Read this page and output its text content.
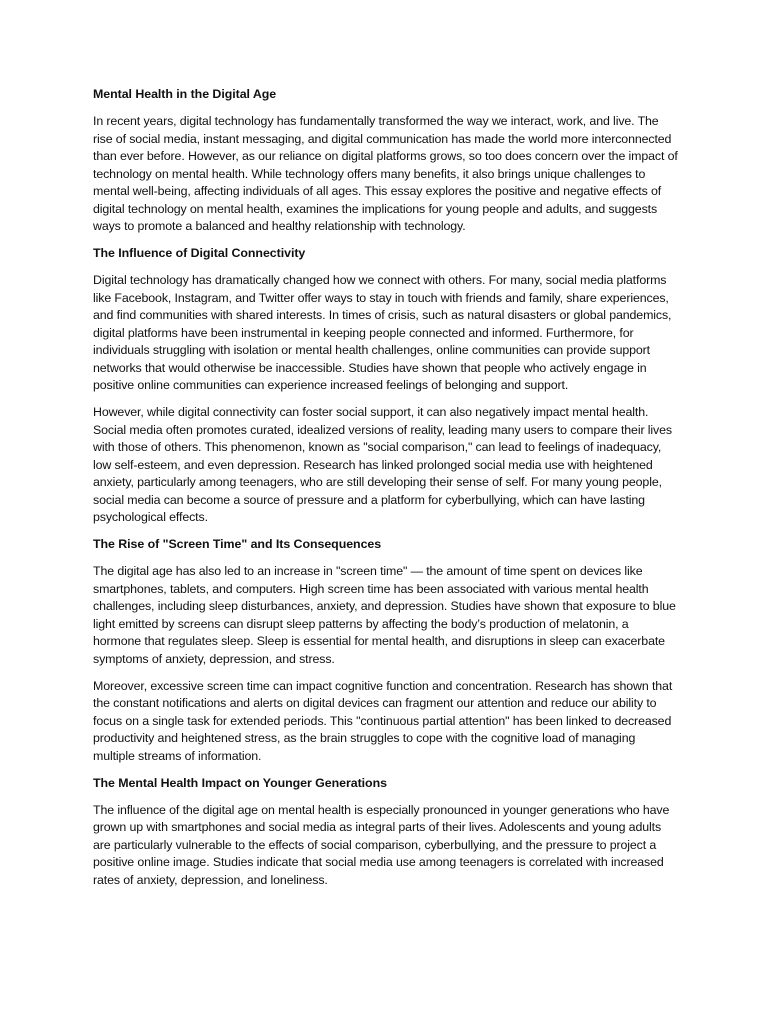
Mental Health in the Digital Age
In recent years, digital technology has fundamentally transformed the way we interact, work, and live. The rise of social media, instant messaging, and digital communication has made the world more interconnected than ever before. However, as our reliance on digital platforms grows, so too does concern over the impact of technology on mental health. While technology offers many benefits, it also brings unique challenges to mental well-being, affecting individuals of all ages. This essay explores the positive and negative effects of digital technology on mental health, examines the implications for young people and adults, and suggests ways to promote a balanced and healthy relationship with technology.
The Influence of Digital Connectivity
Digital technology has dramatically changed how we connect with others. For many, social media platforms like Facebook, Instagram, and Twitter offer ways to stay in touch with friends and family, share experiences, and find communities with shared interests. In times of crisis, such as natural disasters or global pandemics, digital platforms have been instrumental in keeping people connected and informed. Furthermore, for individuals struggling with isolation or mental health challenges, online communities can provide support networks that would otherwise be inaccessible. Studies have shown that people who actively engage in positive online communities can experience increased feelings of belonging and support.
However, while digital connectivity can foster social support, it can also negatively impact mental health. Social media often promotes curated, idealized versions of reality, leading many users to compare their lives with those of others. This phenomenon, known as "social comparison," can lead to feelings of inadequacy, low self-esteem, and even depression. Research has linked prolonged social media use with heightened anxiety, particularly among teenagers, who are still developing their sense of self. For many young people, social media can become a source of pressure and a platform for cyberbullying, which can have lasting psychological effects.
The Rise of "Screen Time" and Its Consequences
The digital age has also led to an increase in "screen time" — the amount of time spent on devices like smartphones, tablets, and computers. High screen time has been associated with various mental health challenges, including sleep disturbances, anxiety, and depression. Studies have shown that exposure to blue light emitted by screens can disrupt sleep patterns by affecting the body’s production of melatonin, a hormone that regulates sleep. Sleep is essential for mental health, and disruptions in sleep can exacerbate symptoms of anxiety, depression, and stress.
Moreover, excessive screen time can impact cognitive function and concentration. Research has shown that the constant notifications and alerts on digital devices can fragment our attention and reduce our ability to focus on a single task for extended periods. This "continuous partial attention" has been linked to decreased productivity and heightened stress, as the brain struggles to cope with the cognitive load of managing multiple streams of information.
The Mental Health Impact on Younger Generations
The influence of the digital age on mental health is especially pronounced in younger generations who have grown up with smartphones and social media as integral parts of their lives. Adolescents and young adults are particularly vulnerable to the effects of social comparison, cyberbullying, and the pressure to project a positive online image. Studies indicate that social media use among teenagers is correlated with increased rates of anxiety, depression, and loneliness.
